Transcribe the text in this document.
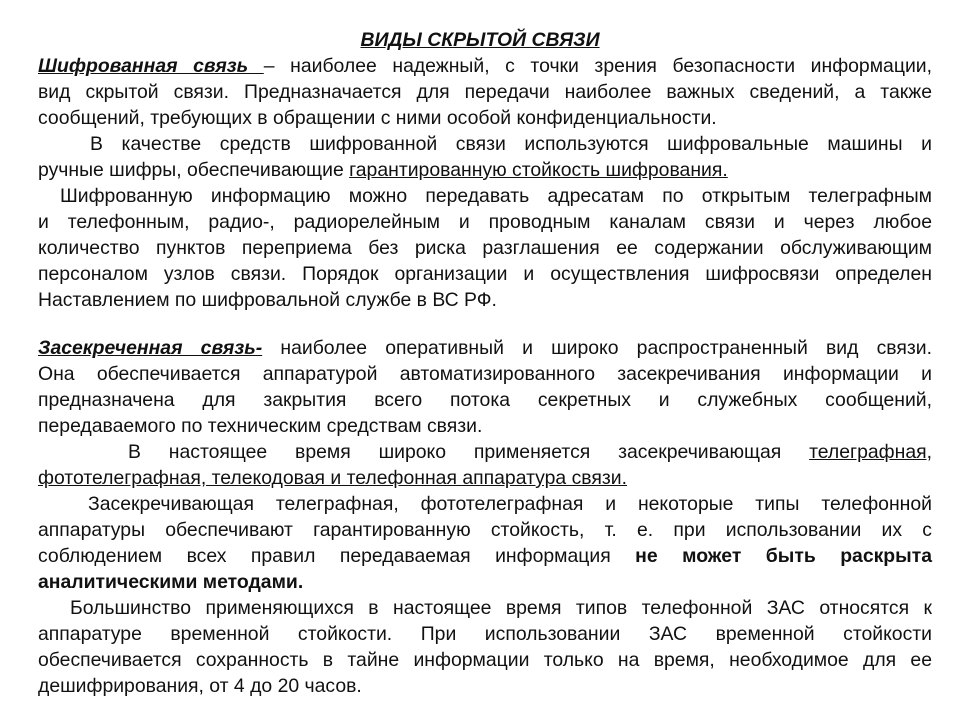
ВИДЫ СКРЫТОЙ СВЯЗИ
Шифрованная связь – наиболее надежный, с точки зрения безопасности информации,
вид скрытой связи. Предназначается для передачи наиболее важных сведений, а также
сообщений, требующих в обращении с ними особой конфиденциальности.
В качестве средств шифрованной связи используются шифровальные машины и
ручные шифры, обеспечивающие гарантированную стойкость шифрования.
Шифрованную информацию можно передавать адресатам по открытым телеграфным
и телефонным, радио-, радиорелейным и проводным каналам связи и через любое
количество пунктов переприема без риска разглашения ее содержании обслуживающим
персоналом узлов связи. Порядок организации и осуществления шифросвязи определен
Наставлением по шифровальной службе в ВС РФ.
Засекреченная связь- наиболее оперативный и широко распространенный вид связи.
Она обеспечивается аппаратурой автоматизированного засекречивания информации и
предназначена для закрытия всего потока секретных и служебных сообщений,
передаваемого по техническим средствам связи.
В настоящее время широко применяется засекречивающая телеграфная,
фототелеграфная, телекодовая и телефонная аппаратура связи.
Засекречивающая телеграфная, фототелеграфная и некоторые типы телефонной
аппаратуры обеспечивают гарантированную стойкость, т. е. при использовании их с
соблюдением всех правил передаваемая информация не может быть раскрыта
аналитическими методами.
Большинство применяющихся в настоящее время типов телефонной ЗАС относятся к
аппаратуре временной стойкости. При использовании ЗАС временной стойкости
обеспечивается сохранность в тайне информации только на время, необходимое для ее
дешифрирования, от 4 до 20 часов.
